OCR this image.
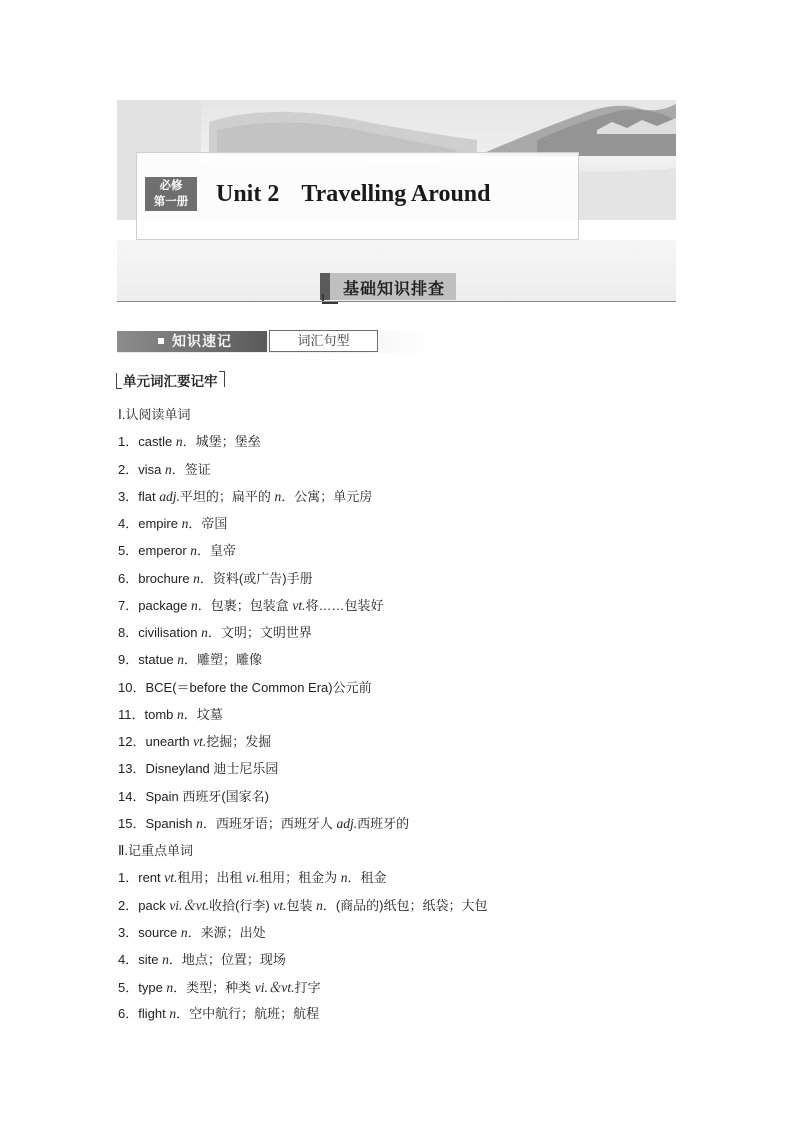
必修
第一册	Unit 2 Travelling Around
基础知识排查
知识速记	词汇句型
单元词汇要记牢
Ⅰ.认阅读单词
1．castle n．城堡；堡垒
2．visa n．签证
3．flat adj.平坦的；扁平的 n．公寓；单元房
4．empire n．帝国
5．emperor n．皇帝
6．brochure n．资料(或广告)手册
7．package n．包裹；包装盒 vt.将……包装好
8．civilisation n．文明；文明世界
9．statue n．雕塑；雕像
10．BCE(＝before the Common Era)公元前
11．tomb n．坟墓
12．unearth vt.挖掘；发掘
13．Disneyland 迪士尼乐园
14．Spain 西班牙(国家名)
15．Spanish n．西班牙语；西班牙人 adj.西班牙的
Ⅱ.记重点单词
1．rent vt.租用；出租 vi.租用；租金为 n．租金
2．pack vi.＆vt.收拾(行李) vt.包装 n．(商品的)纸包；纸袋；大包
3．source n．来源；出处
4．site n．地点；位置；现场
5．type n．类型；种类 vi.＆vt.打字
6．flight n．空中航行；航班；航程
